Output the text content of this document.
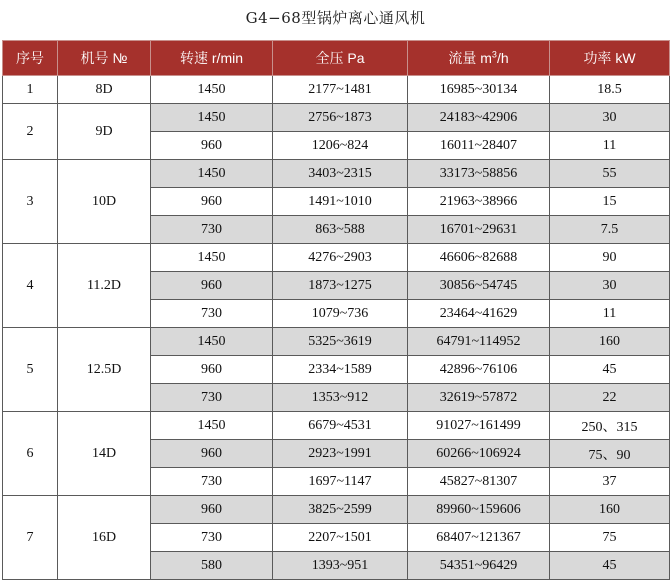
G4−68型锅炉离心通风机
序号	机号 №	转速 r/min	全压 Pa	流量 $m^3/h$	功率 kW
1	8D	1450	2177~1481	16985~30134	18.5
2	9D	1450	2756~1873	24183~42906	30
		960	1206~824	16011~28407	11
3	10D	1450	3403~2315	33173~58856	55
		960	1491~1010	21963~38966	15
		730	863~588	16701~29631	7.5
4	11.2D	1450	4276~2903	46606~82688	90
		960	1873~1275	30856~54745	30
		730	1079~736	23464~41629	11
5	12.5D	1450	5325~3619	64791~114952	160
		960	2334~1589	42896~76106	45
		730	1353~912	32619~57872	22
6	14D	1450	6679~4531	91027~161499	250、315
		960	2923~1991	60266~106924	75、90
		730	1697~1147	45827~81307	37
7	16D	960	3825~2599	89960~159606	160
		730	2207~1501	68407~121367	75
		580	1393~951	54351~96429	45
